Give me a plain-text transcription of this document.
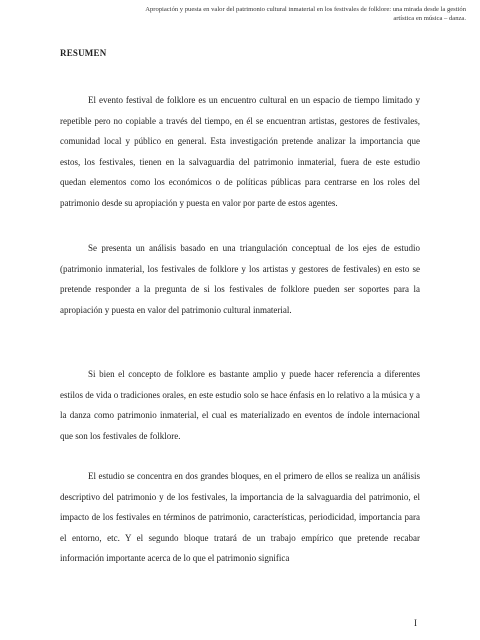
Apropiación y puesta en valor del patrimonio cultural inmaterial en los festivales de folklore: una mirada desde la gestión artística en música – danza.
RESUMEN

El evento festival de folklore es un encuentro cultural en un espacio de tiempo limitado y repetible pero no copiable a través del tiempo, en él se encuentran artistas, gestores de festivales, comunidad local y público en general. Esta investigación pretende analizar la importancia que estos, los festivales, tienen en la salvaguardia del patrimonio inmaterial, fuera de este estudio quedan elementos como los económicos o de políticas públicas para centrarse en los roles del patrimonio desde su apropiación y puesta en valor por parte de estos agentes.

Se presenta un análisis basado en una triangulación conceptual de los ejes de estudio (patrimonio inmaterial, los festivales de folklore y los artistas y gestores de festivales) en esto se pretende responder a la pregunta de si los festivales de folklore pueden ser soportes para la apropiación y puesta en valor del patrimonio cultural inmaterial.

Si bien el concepto de folklore es bastante amplio y puede hacer referencia a diferentes estilos de vida o tradiciones orales, en este estudio solo se hace énfasis en lo relativo a la música y a la danza como patrimonio inmaterial, el cual es materializado en eventos de índole internacional que son los festivales de folklore.

El estudio se concentra en dos grandes bloques, en el primero de ellos se realiza un análisis descriptivo del patrimonio y de los festivales, la importancia de la salvaguardia del patrimonio, el impacto de los festivales en términos de patrimonio, características, periodicidad, importancia para el entorno, etc. Y el segundo bloque tratará de un trabajo empírico que pretende recabar información importante acerca de lo que el patrimonio significa

I
